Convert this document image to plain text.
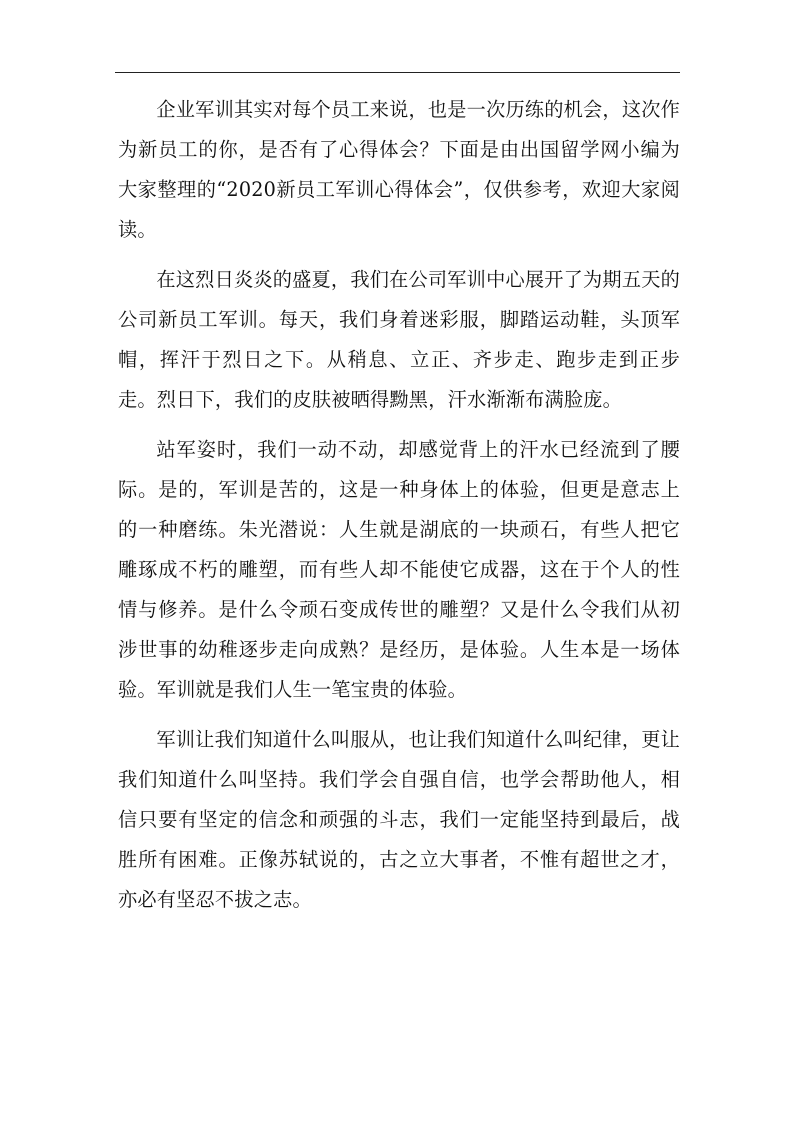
企业军训其实对每个员工来说，也是一次历练的机会，这次作为新员工的你，是否有了心得体会？下面是由出国留学网小编为大家整理的“2020新员工军训心得体会”，仅供参考，欢迎大家阅读。

在这烈日炎炎的盛夏，我们在公司军训中心展开了为期五天的公司新员工军训。每天，我们身着迷彩服，脚踏运动鞋，头顶军帽，挥汗于烈日之下。从稍息、立正、齐步走、跑步走到正步走。烈日下，我们的皮肤被晒得黝黑，汗水渐渐布满脸庞。

站军姿时，我们一动不动，却感觉背上的汗水已经流到了腰际。是的，军训是苦的，这是一种身体上的体验，但更是意志上的一种磨练。朱光潜说：人生就是湖底的一块顽石，有些人把它雕琢成不朽的雕塑，而有些人却不能使它成器，这在于个人的性情与修养。是什么令顽石变成传世的雕塑？又是什么令我们从初涉世事的幼稚逐步走向成熟？是经历，是体验。人生本是一场体验。军训就是我们人生一笔宝贵的体验。

军训让我们知道什么叫服从，也让我们知道什么叫纪律，更让我们知道什么叫坚持。我们学会自强自信，也学会帮助他人，相信只要有坚定的信念和顽强的斗志，我们一定能坚持到最后，战胜所有困难。正像苏轼说的，古之立大事者，不惟有超世之才，亦必有坚忍不拔之志。
